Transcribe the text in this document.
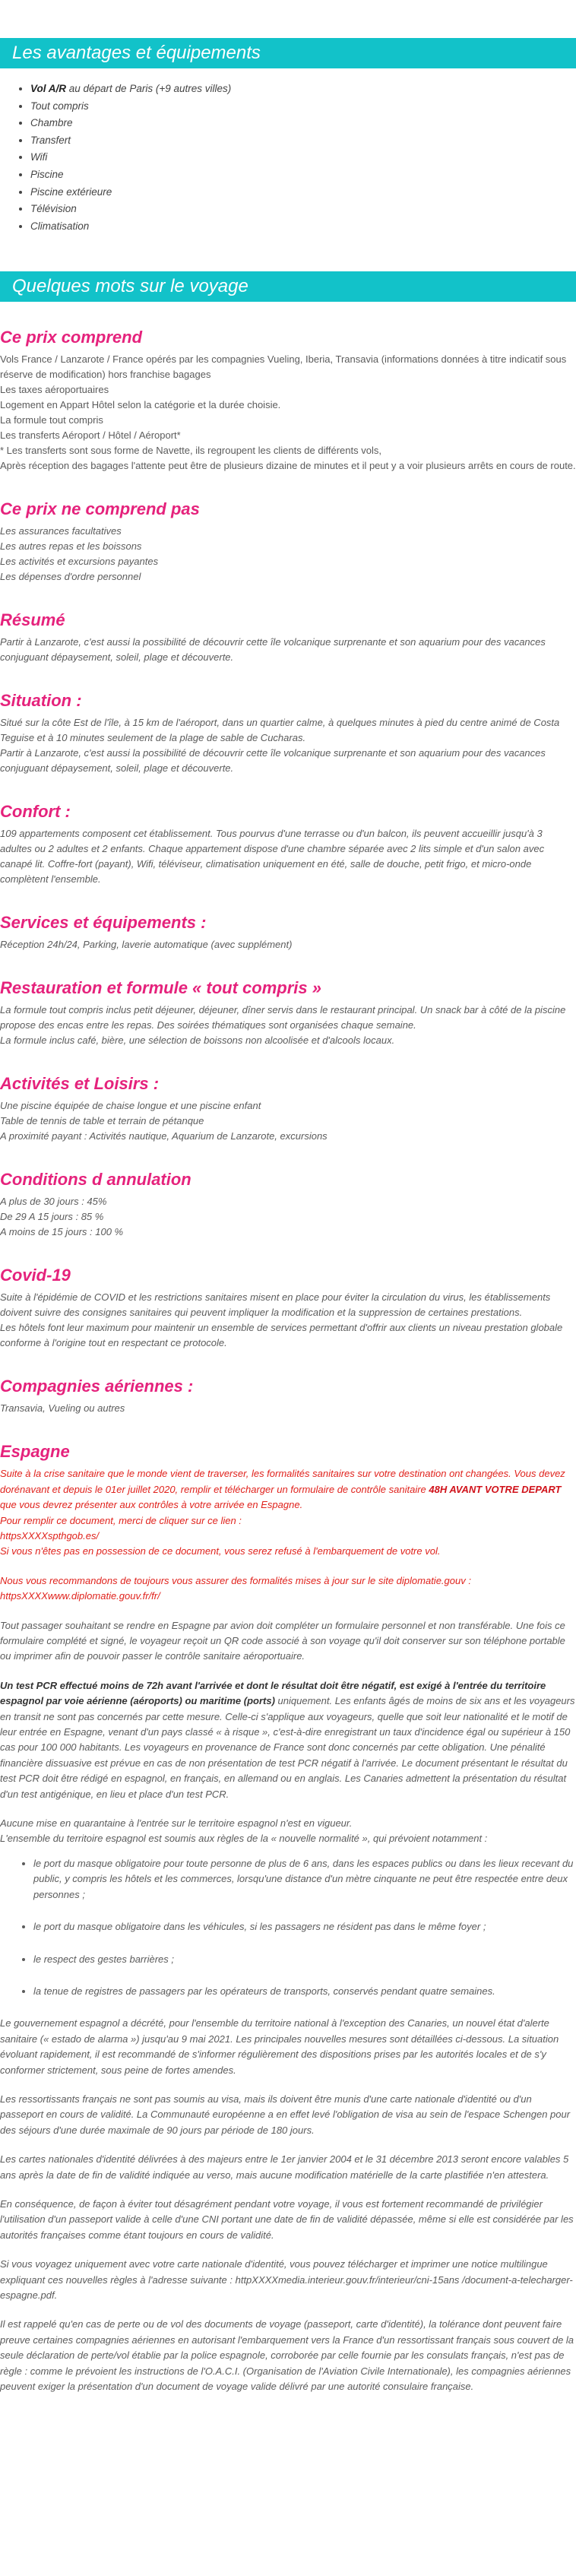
Les avantages et équipements
• Vol A/R au départ de Paris (+9 autres villes)
• Tout compris
• Chambre
• Transfert
• Wifi
• Piscine
• Piscine extérieure
• Télévision
• Climatisation
Quelques mots sur le voyage
Ce prix comprend

Vols France / Lanzarote / France opérés par les compagnies Vueling, Iberia, Transavia (informations données à titre indicatif sous réserve de modification) hors franchise bagages

Les taxes aéroportuaires

Logement en Appart Hôtel selon la catégorie et la durée choisie.

La formule tout compris

Les transferts Aéroport / Hôtel / Aéroport*

* Les transferts sont sous forme de Navette, ils regroupent les clients de différents vols,

Après réception des bagages l'attente peut être de plusieurs dizaine de minutes et il peut y a voir plusieurs arrêts en cours de route.

Ce prix ne comprend pas

Les assurances facultatives

Les autres repas et les boissons

Les activités et excursions payantes

Les dépenses d'ordre personnel

Résumé

Partir à Lanzarote, c'est aussi la possibilité de découvrir cette île volcanique surprenante et son aquarium pour des vacances conjuguant dépaysement, soleil, plage et découverte.

Situation :

Situé sur la côte Est de l'île, à 15 km de l'aéroport, dans un quartier calme, à quelques minutes à pied du centre animé de Costa Teguise et à 10 minutes seulement de la plage de sable de Cucharas.

Partir à Lanzarote, c'est aussi la possibilité de découvrir cette île volcanique surprenante et son aquarium pour des vacances conjuguant dépaysement, soleil, plage et découverte.

Confort :

109 appartements composent cet établissement. Tous pourvus d'une terrasse ou d'un balcon, ils peuvent accueillir jusqu'à 3 adultes ou 2 adultes et 2 enfants. Chaque appartement dispose d'une chambre séparée avec 2 lits simple et d'un salon avec canapé lit. Coffre-fort (payant), Wifi, téléviseur, climatisation uniquement en été, salle de douche, petit frigo, et micro-onde complètent l'ensemble.

Services et équipements :

Réception 24h/24, Parking, laverie automatique (avec supplément)

Restauration et formule « tout compris »

La formule tout compris inclus petit déjeuner, déjeuner, dîner servis dans le restaurant principal. Un snack bar à côté de la piscine propose des encas entre les repas. Des soirées thématiques sont organisées chaque semaine.

La formule inclus café, bière, une sélection de boissons non alcoolisée et d'alcools locaux.

Activités et Loisirs :

Une piscine équipée de chaise longue et une piscine enfant

Table de tennis de table et terrain de pétanque

A proximité payant : Activités nautique, Aquarium de Lanzarote, excursions

Conditions d annulation

A plus de 30 jours : 45%

De 29 A 15 jours : 85 %

A moins de 15 jours : 100 %

Covid-19

Suite à l'épidémie de COVID et les restrictions sanitaires misent en place pour éviter la circulation du virus, les établissements doivent suivre des consignes sanitaires qui peuvent impliquer la modification et la suppression de certaines prestations.

Les hôtels font leur maximum pour maintenir un ensemble de services permettant d'offrir aux clients un niveau prestation globale conforme à l'origine tout en respectant ce protocole.

Compagnies aériennes :

Transavia, Vueling ou autres

Espagne
Suite à la crise sanitaire que le monde vient de traverser, les formalités sanitaires sur votre destination ont changées. Vous devez dorénavant et depuis le 01er juillet 2020, remplir et télécharger un formulaire de contrôle sanitaire 48H AVANT VOTRE DEPART que vous devrez présenter aux contrôles à votre arrivée en Espagne.
Pour remplir ce document, merci de cliquer sur ce lien :
httpsXXXXspthgob.es/
Si vous n'êtes pas en possession de ce document, vous serez refusé à l'embarquement de votre vol.
Nous vous recommandons de toujours vous assurer des formalités mises à jour sur le site diplomatie.gouv : httpsXXXXwww.diplomatie.gouv.fr/fr/

Tout passager souhaitant se rendre en Espagne par avion doit compléter un formulaire personnel et non transférable. Une fois ce formulaire complété et signé, le voyageur reçoit un QR code associé à son voyage qu'il doit conserver sur son téléphone portable ou imprimer afin de pouvoir passer le contrôle sanitaire aéroportuaire.

Un test PCR effectué moins de 72h avant l'arrivée et dont le résultat doit être négatif, est exigé à l'entrée du territoire espagnol par voie aérienne (aéroports) ou maritime (ports) uniquement. Les enfants âgés de moins de six ans et les voyageurs en transit ne sont pas concernés par cette mesure. Celle-ci s'applique aux voyageurs, quelle que soit leur nationalité et le motif de leur entrée en Espagne, venant d'un pays classé « à risque », c'est-à-dire enregistrant un taux d'incidence égal ou supérieur à 150 cas pour 100 000 habitants. Les voyageurs en provenance de France sont donc concernés par cette obligation. Une pénalité financière dissuasive est prévue en cas de non présentation de test PCR négatif à l'arrivée. Le document présentant le résultat du test PCR doit être rédigé en espagnol, en français, en allemand ou en anglais. Les Canaries admettent la présentation du résultat d'un test antigénique, en lieu et place d'un test PCR.

Aucune mise en quarantaine à l'entrée sur le territoire espagnol n'est en vigueur.

L'ensemble du territoire espagnol est soumis aux règles de la « nouvelle normalité », qui prévoient notamment :

• le port du masque obligatoire pour toute personne de plus de 6 ans, dans les espaces publics ou dans les lieux recevant du public, y compris les hôtels et les commerces, lorsqu'une distance d'un mètre cinquante ne peut être respectée entre deux personnes ;
• le port du masque obligatoire dans les véhicules, si les passagers ne résident pas dans le même foyer ;
• le respect des gestes barrières ;
• la tenue de registres de passagers par les opérateurs de transports, conservés pendant quatre semaines.

Le gouvernement espagnol a décrété, pour l'ensemble du territoire national à l'exception des Canaries, un nouvel état d'alerte sanitaire (« estado de alarma ») jusqu'au 9 mai 2021. Les principales nouvelles mesures sont détaillées ci-dessous. La situation évoluant rapidement, il est recommandé de s'informer régulièrement des dispositions prises par les autorités locales et de s'y conformer strictement, sous peine de fortes amendes.

Les ressortissants français ne sont pas soumis au visa, mais ils doivent être munis d'une carte nationale d'identité ou d'un passeport en cours de validité. La Communauté européenne a en effet levé l'obligation de visa au sein de l'espace Schengen pour des séjours d'une durée maximale de 90 jours par période de 180 jours.

Les cartes nationales d'identité délivrées à des majeurs entre le 1er janvier 2004 et le 31 décembre 2013 seront encore valables 5 ans après la date de fin de validité indiquée au verso, mais aucune modification matérielle de la carte plastifiée n'en attestera.

En conséquence, de façon à éviter tout désagrément pendant votre voyage, il vous est fortement recommandé de privilégier l'utilisation d'un passeport valide à celle d'une CNI portant une date de fin de validité dépassée, même si elle est considérée par les autorités françaises comme étant toujours en cours de validité.

Si vous voyagez uniquement avec votre carte nationale d'identité, vous pouvez télécharger et imprimer une notice multilingue expliquant ces nouvelles règles à l'adresse suivante : httpXXXXmedia.interieur.gouv.fr/interieur/cni-15ans /document-a-telecharger-espagne.pdf.

Il est rappelé qu'en cas de perte ou de vol des documents de voyage (passeport, carte d'identité), la tolérance dont peuvent faire preuve certaines compagnies aériennes en autorisant l'embarquement vers la France d'un ressortissant français sous couvert de la seule déclaration de perte/vol établie par la police espagnole, corroborée par celle fournie par les consulats français, n'est pas de règle : comme le prévoient les instructions de l'O.A.C.I. (Organisation de l'Aviation Civile Internationale), les compagnies aériennes peuvent exiger la présentation d'un document de voyage valide délivré par une autorité consulaire française.
